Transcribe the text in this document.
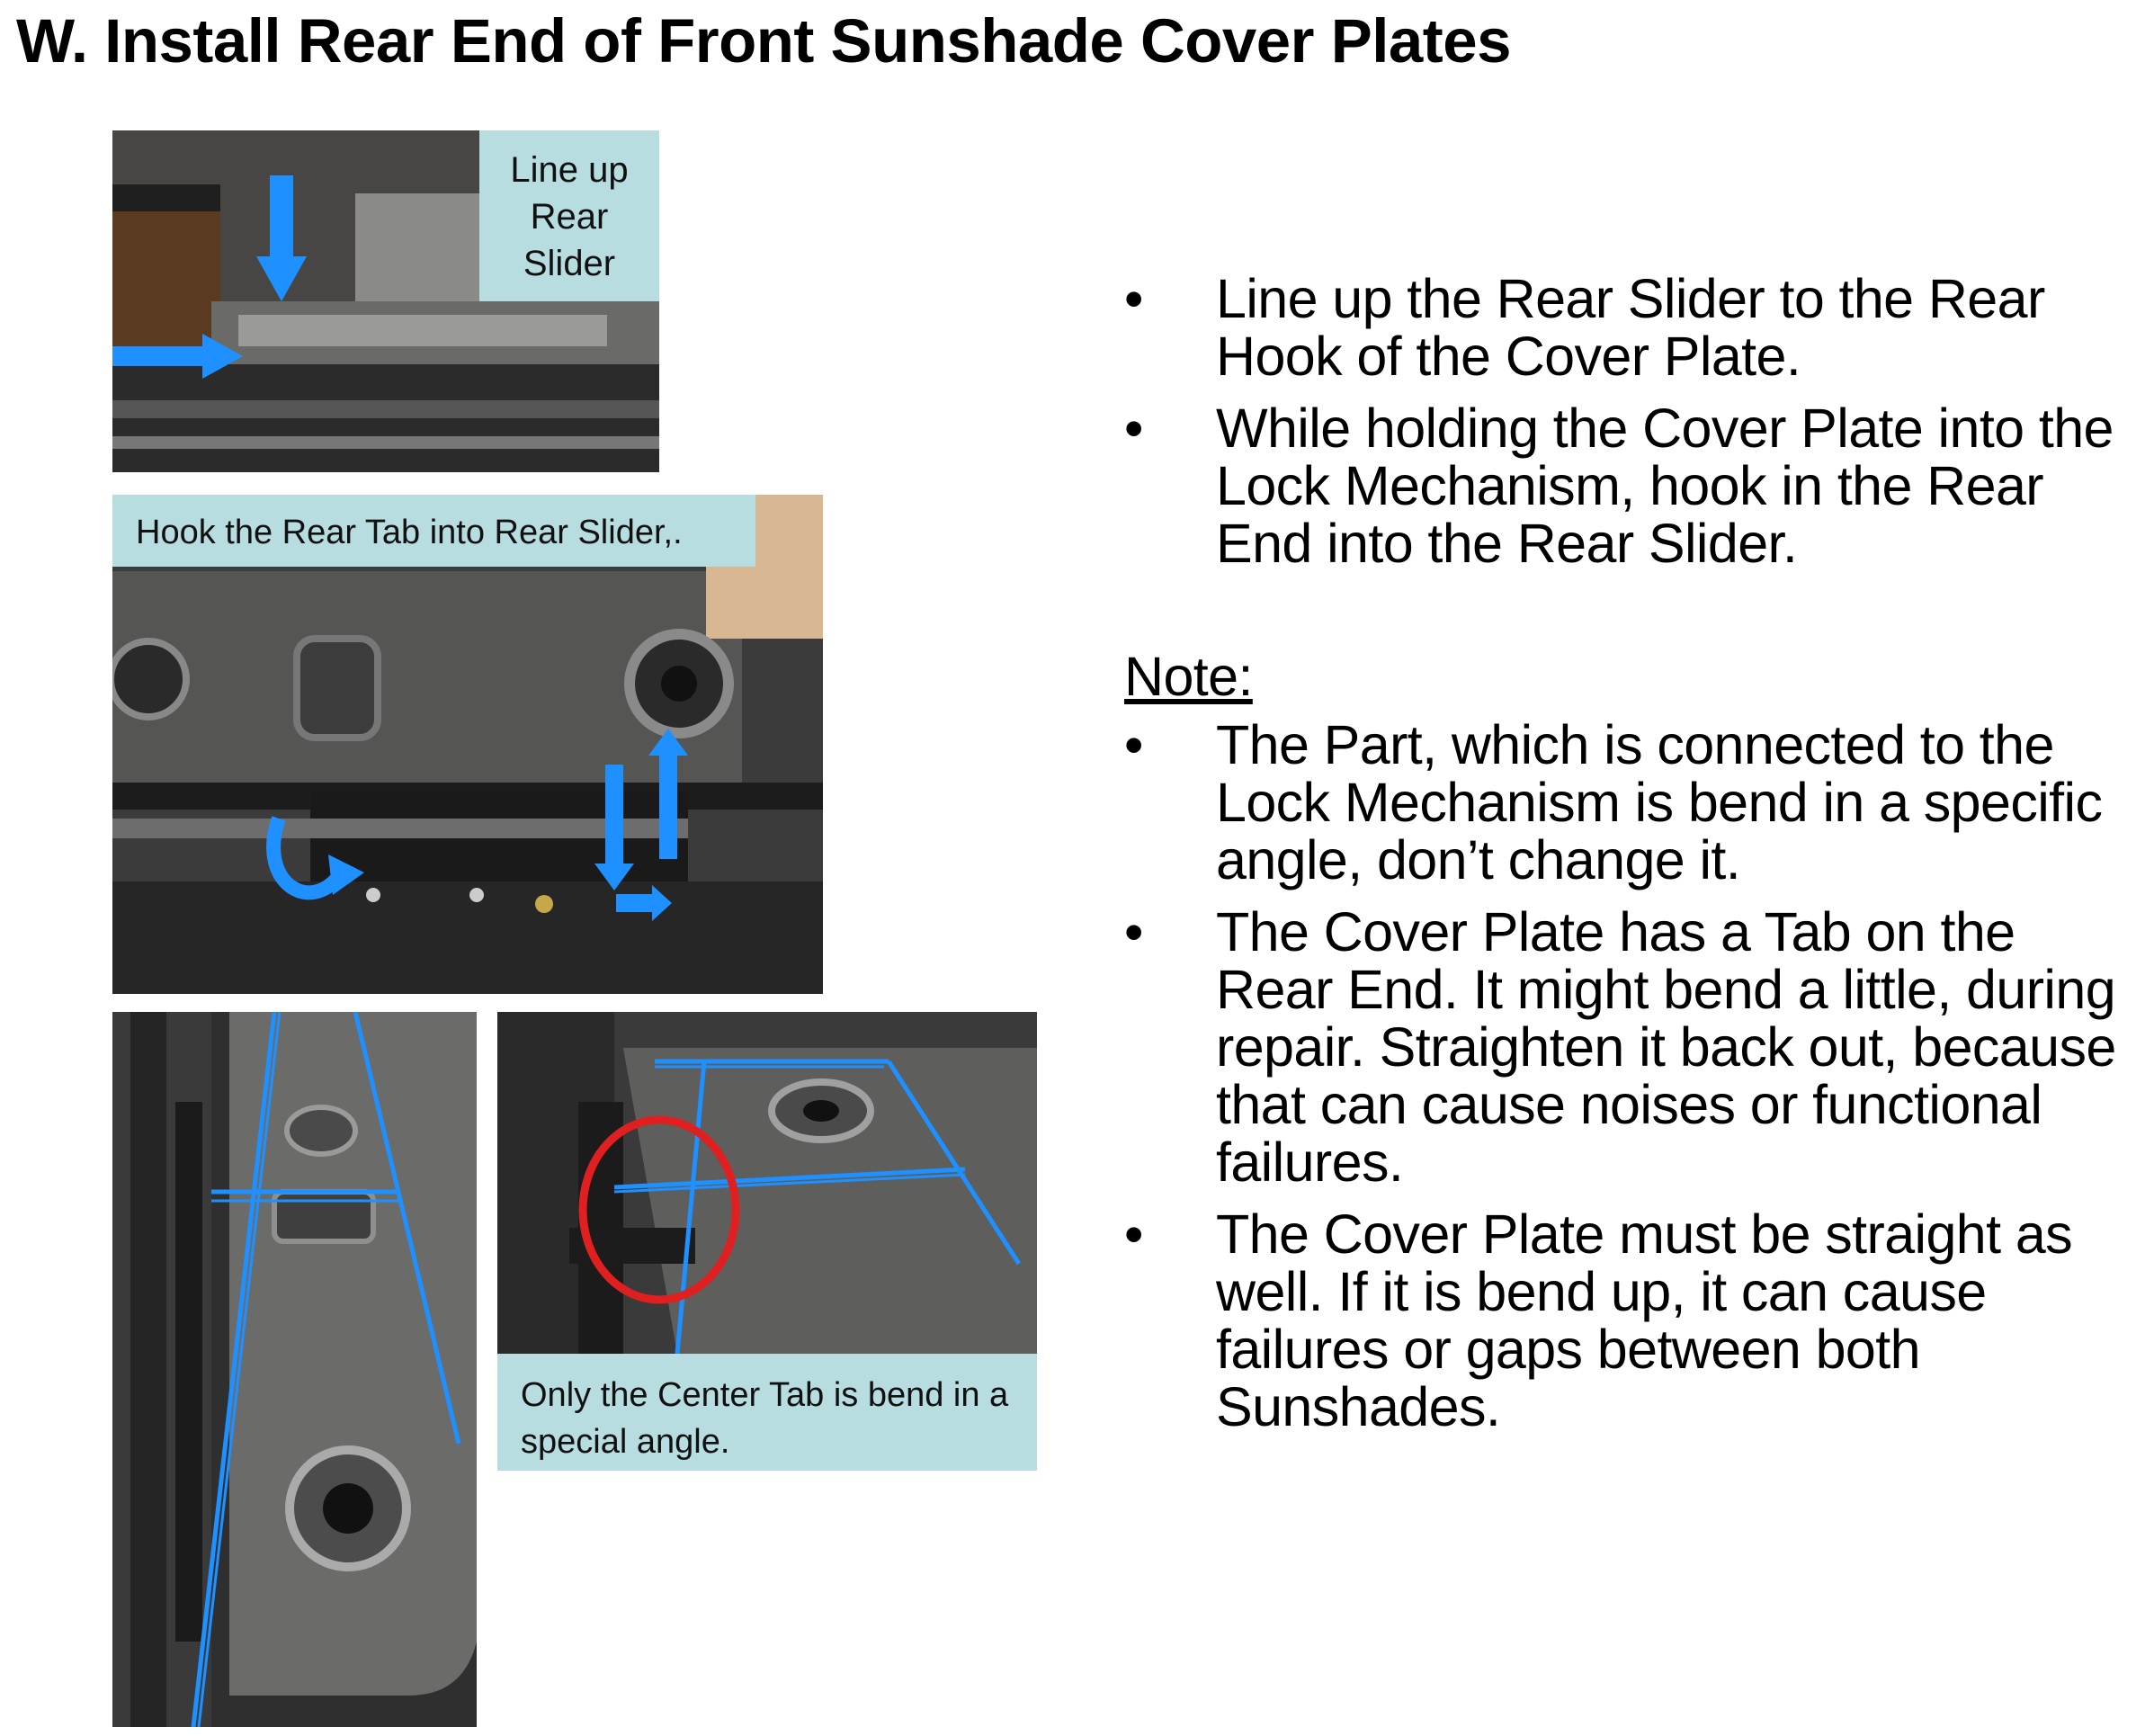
W. Install Rear End of Front Sunshade Cover Plates
Line up Rear Slider
Hook the Rear Tab into Rear Slider,.
Only the Center Tab is bend in a special angle.
•	Line up the Rear Slider to the Rear Hook of the Cover Plate.
•	While holding the Cover Plate into the Lock Mechanism, hook in the Rear End into the Rear Slider.
Note:
•	The Part, which is connected to the Lock Mechanism is bend in a specific angle, don’t change it.
•	The Cover Plate has a Tab on the Rear End. It might bend a little, during repair. Straighten it back out, because that can cause noises or functional failures.
•	The Cover Plate must be straight as well. If it is bend up, it can cause failures or gaps between both Sunshades.
